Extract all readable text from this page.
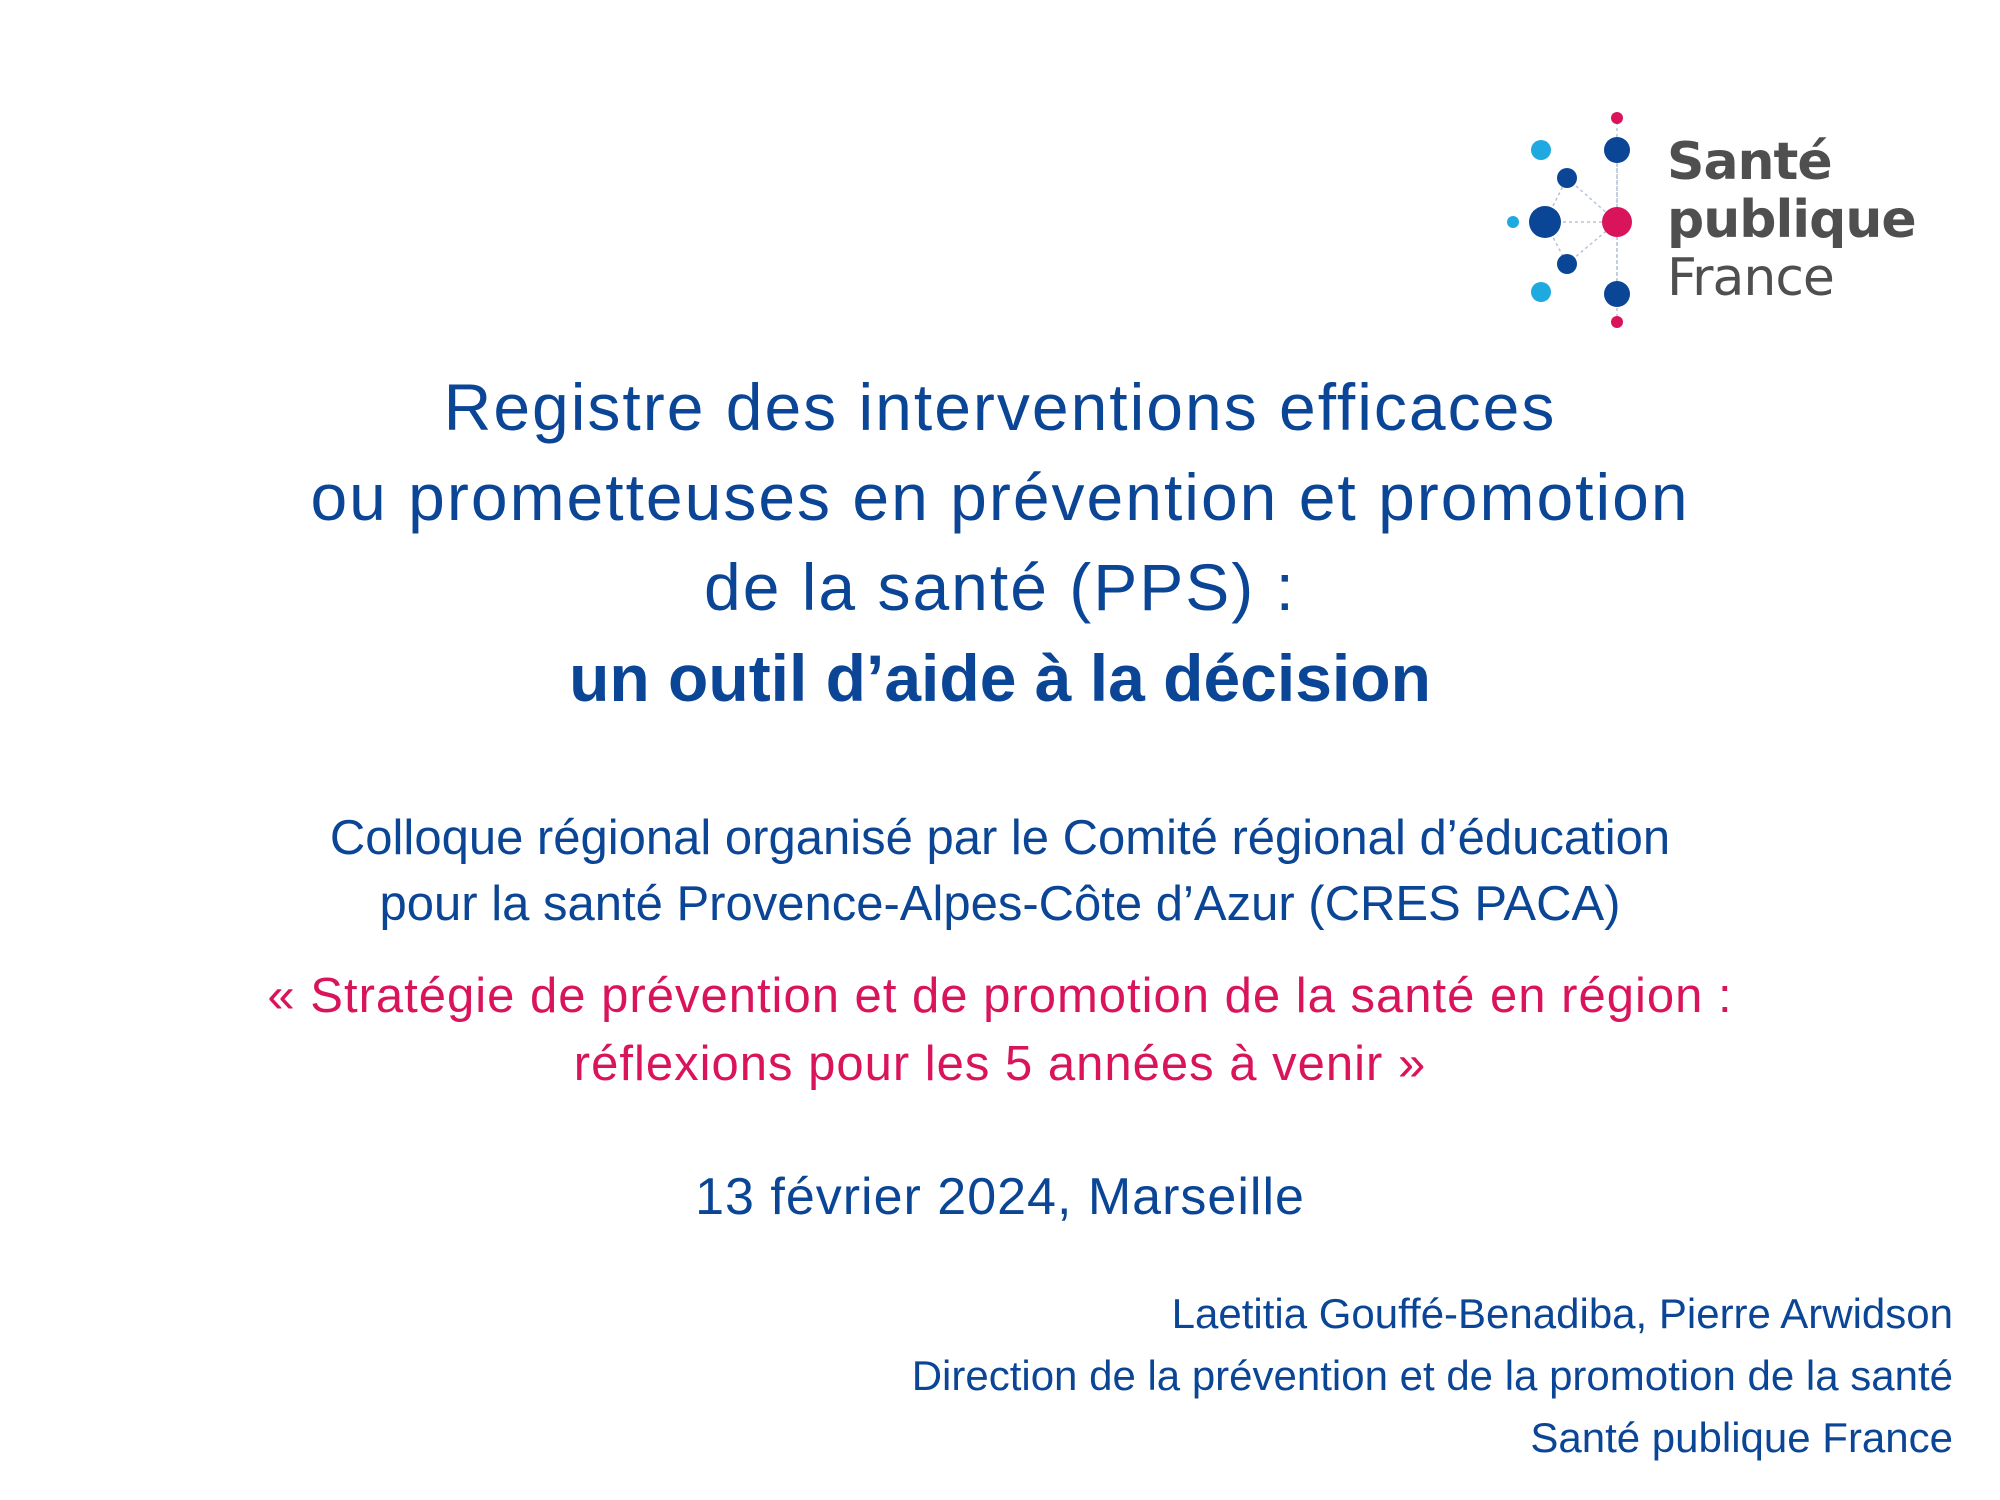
Santé
publique
France
Registre des interventions efficaces
ou prometteuses en prévention et promotion
de la santé (PPS) :
un outil d’aide à la décision
Colloque régional organisé par le Comité régional d’éducation
pour la santé Provence-Alpes-Côte d’Azur (CRES PACA)
« Stratégie de prévention et de promotion de la santé en région :
réflexions pour les 5 années à venir »
13 février 2024, Marseille
Laetitia Gouffé-Benadiba, Pierre Arwidson
Direction de la prévention et de la promotion de la santé
Santé publique France
